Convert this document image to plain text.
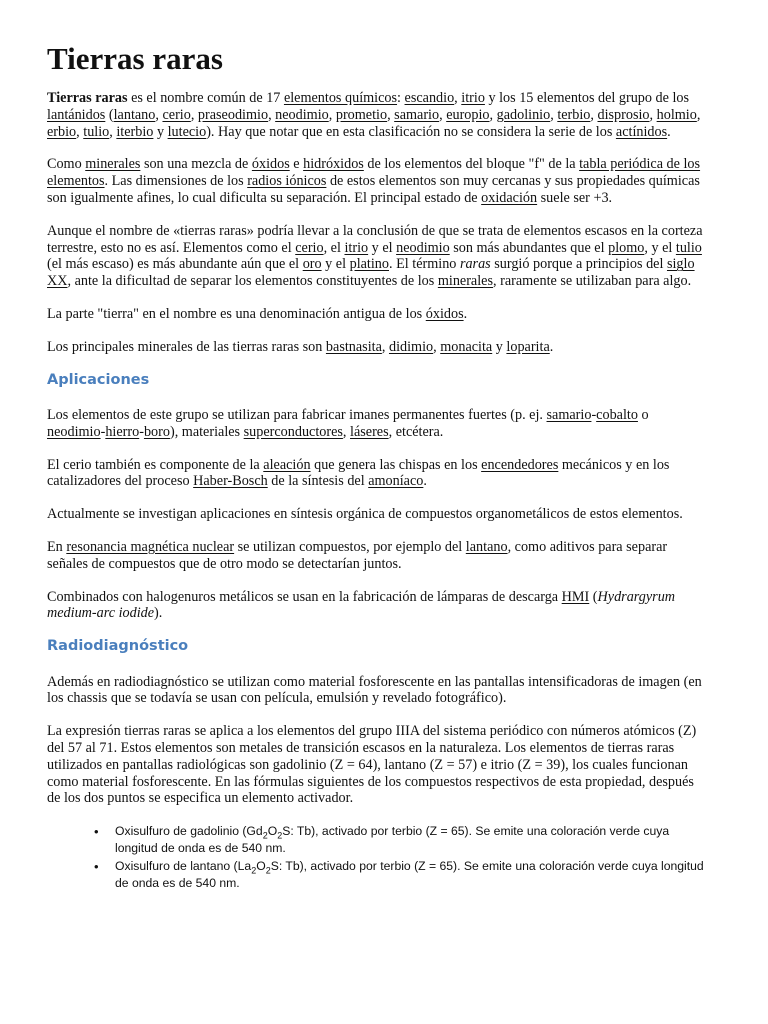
Tierras raras

Tierras raras es el nombre común de 17 elementos químicos: escandio, itrio y los 15 elementos del grupo de los lantánidos (lantano, cerio, praseodimio, neodimio, prometio, samario, europio, gadolinio, terbio, disprosio, holmio, erbio, tulio, iterbio y lutecio). Hay que notar que en esta clasificación no se considera la serie de los actínidos.

Como minerales son una mezcla de óxidos e hidróxidos de los elementos del bloque "f" de la tabla periódica de los elementos. Las dimensiones de los radios iónicos de estos elementos son muy cercanas y sus propiedades químicas son igualmente afines, lo cual dificulta su separación. El principal estado de oxidación suele ser +3.

Aunque el nombre de «tierras raras» podría llevar a la conclusión de que se trata de elementos escasos en la corteza terrestre, esto no es así. Elementos como el cerio, el itrio y el neodimio son más abundantes que el plomo, y el tulio (el más escaso) es más abundante aún que el oro y el platino. El término raras surgió porque a principios del siglo XX, ante la dificultad de separar los elementos constituyentes de los minerales, raramente se utilizaban para algo.

La parte "tierra" en el nombre es una denominación antigua de los óxidos.

Los principales minerales de las tierras raras son bastnasita, didimio, monacita y loparita.

Aplicaciones

Los elementos de este grupo se utilizan para fabricar imanes permanentes fuertes (p. ej. samario-cobalto o neodimio-hierro-boro), materiales superconductores, láseres, etcétera.

El cerio también es componente de la aleación que genera las chispas en los encendedores mecánicos y en los catalizadores del proceso Haber-Bosch de la síntesis del amoníaco.

Actualmente se investigan aplicaciones en síntesis orgánica de compuestos organometálicos de estos elementos.

En resonancia magnética nuclear se utilizan compuestos, por ejemplo del lantano, como aditivos para separar señales de compuestos que de otro modo se detectarían juntos.

Combinados con halogenuros metálicos se usan en la fabricación de lámparas de descarga HMI (Hydrargyrum medium-arc iodide).

Radiodiagnóstico

Además en radiodiagnóstico se utilizan como material fosforescente en las pantallas intensificadoras de imagen (en los chassis que se todavía se usan con película, emulsión y revelado fotográfico).

La expresión tierras raras se aplica a los elementos del grupo IIIA del sistema periódico con números atómicos (Z) del 57 al 71. Estos elementos son metales de transición escasos en la naturaleza. Los elementos de tierras raras utilizados en pantallas radiológicas son gadolinio (Z = 64), lantano (Z = 57) e itrio (Z = 39), los cuales funcionan como material fosforescente. En las fórmulas siguientes de los compuestos respectivos de esta propiedad, después de los dos puntos se especifica un elemento activador.

• Oxisulfuro de gadolinio ($Gd_2O_2S$: Tb), activado por terbio (Z = 65). Se emite una coloración verde cuya longitud de onda es de 540 nm.
• Oxisulfuro de lantano ($La_2O_2S$: Tb), activado por terbio (Z = 65). Se emite una coloración verde cuya longitud de onda es de 540 nm.
